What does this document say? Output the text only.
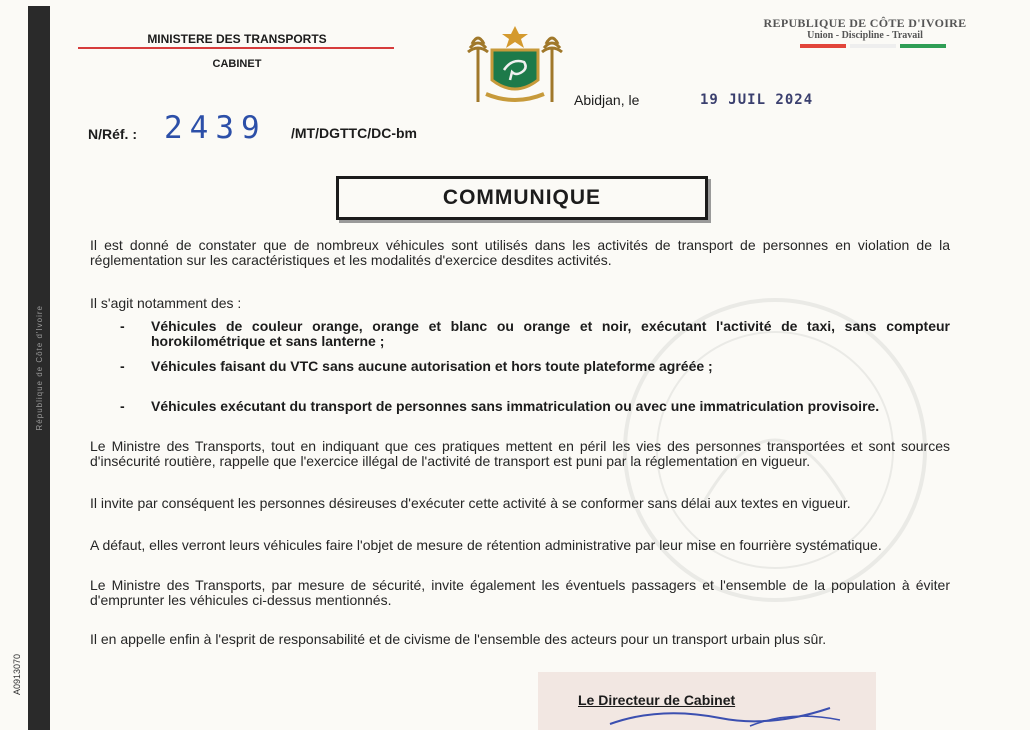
République de Côte d'Ivoire
A0913070
MINISTERE DES TRANSPORTS
CABINET
REPUBLIQUE DE CÔTE D'IVOIRE
Union - Discipline - Travail
Abidjan, le	19 JUIL 2024
N/Réf. : 2439 /MT/DGTTC/DC-bm
COMMUNIQUE
Il est donné de constater que de nombreux véhicules sont utilisés dans les activités de transport de personnes en violation de la réglementation sur les caractéristiques et les modalités d'exercice desdites activités.
Il s'agit notamment des :
- Véhicules de couleur orange, orange et blanc ou orange et noir, exécutant l'activité de taxi, sans compteur horokilométrique et sans lanterne ;
- Véhicules faisant du VTC sans aucune autorisation et hors toute plateforme agréée ;
- Véhicules exécutant du transport de personnes sans immatriculation ou avec une immatriculation provisoire.
Le Ministre des Transports, tout en indiquant que ces pratiques mettent en péril les vies des personnes transportées et sont sources d'insécurité routière, rappelle que l'exercice illégal de l'activité de transport est puni par la réglementation en vigueur.
Il invite par conséquent les personnes désireuses d'exécuter cette activité à se conformer sans délai aux textes en vigueur.
A défaut, elles verront leurs véhicules faire l'objet de mesure de rétention administrative par leur mise en fourrière systématique.
Le Ministre des Transports, par mesure de sécurité, invite également les éventuels passagers et l'ensemble de la population à éviter d'emprunter les véhicules ci-dessus mentionnés.
Il en appelle enfin à l'esprit de responsabilité et de civisme de l'ensemble des acteurs pour un transport urbain plus sûr.
Le Directeur de Cabinet
